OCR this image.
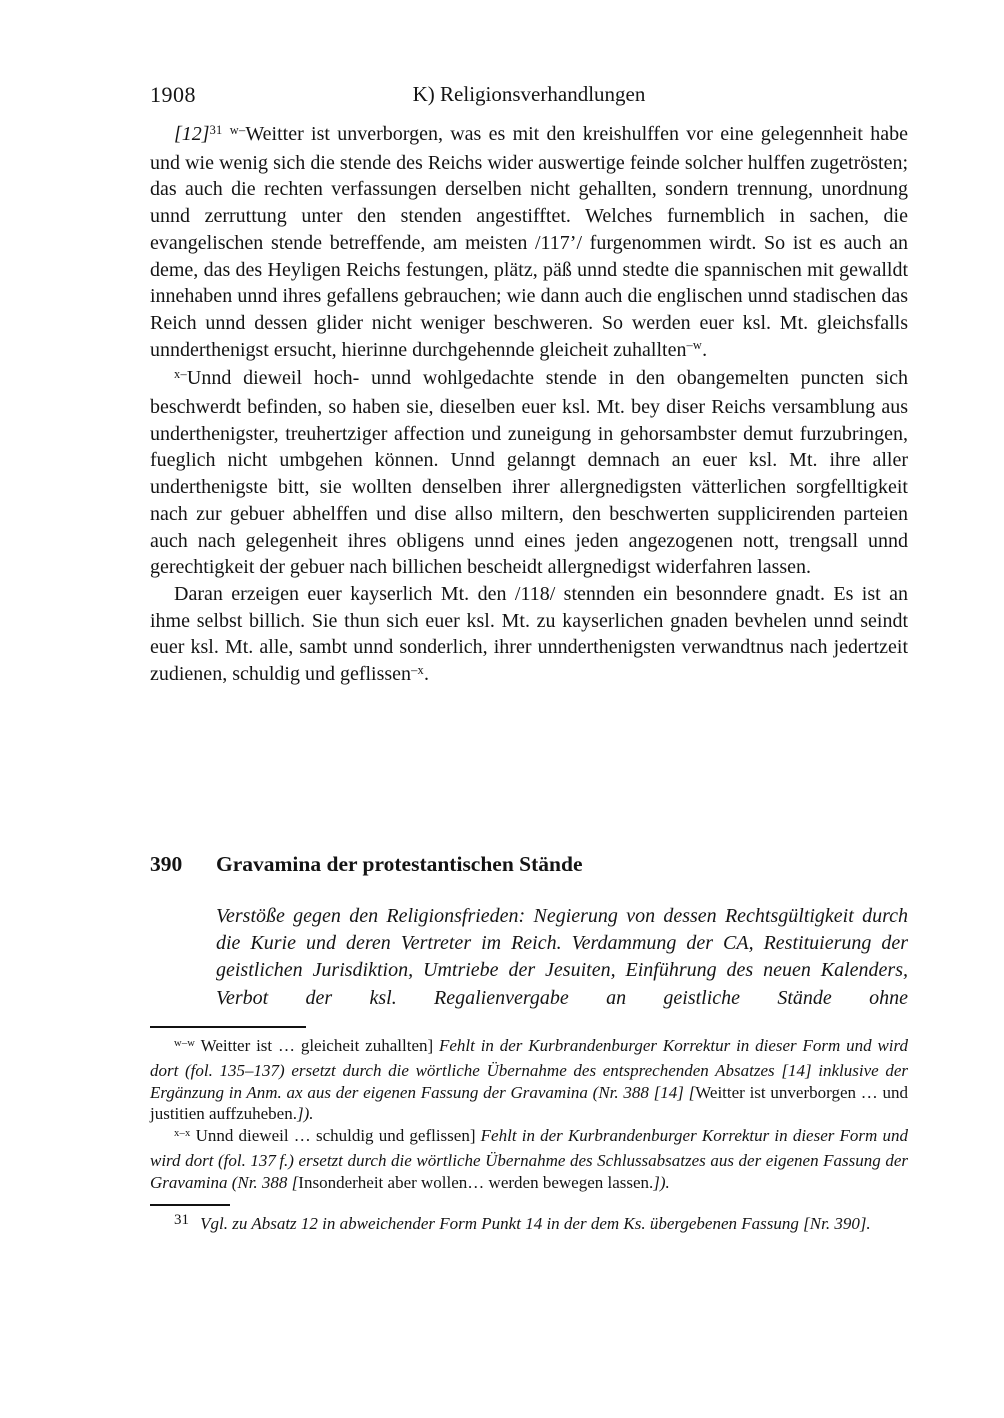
1908	K) Religionsverhandlungen

$[12]^{31}$ $^{w-}$Weitter ist unverborgen, was es mit den kreishulffen vor eine gelegennheit habe und wie wenig sich die stende des Reichs wider auswertige feinde solcher hulffen zugetrösten; das auch die rechten verfassungen derselben nicht gehallten, sondern trennung, unordnung unnd zerruttung unter den stenden angestifftet. Welches furnemblich in sachen, die evangelischen stende betreffende, am meisten /117’/ furgenommen wirdt. So ist es auch an deme, das des Heyligen Reichs festungen, plätz, päß unnd stedte die spannischen mit gewalldt innehaben unnd ihres gefallens gebrauchen; wie dann auch die englischen unnd stadischen das Reich unnd dessen glider nicht weniger beschweren. So werden euer ksl. Mt. gleichsfalls unnderthenigst ersucht, hierinne durchgehennde gleicheit zuhallten$^{-w}$.

$^{x-}$Unnd dieweil hoch- unnd wohlgedachte stende in den obangemelten puncten sich beschwerdt befinden, so haben sie, dieselben euer ksl. Mt. bey diser Reichs versamblung aus underthenigster, treuhertziger affection und zuneigung in gehorsambster demut furzubringen, fueglich nicht umbgehen können. Unnd gelanngt demnach an euer ksl. Mt. ihre aller underthenigste bitt, sie wollten denselben ihrer allergnedigsten vätterlichen sorgfelltigkeit nach zur gebuer abhelffen und dise allso miltern, den beschwerten supplicirenden parteien auch nach gelegenheit ihres obligens unnd eines jeden angezogenen nott, trengsall unnd gerechtigkeit der gebuer nach billichen bescheidt allergnedigst widerfahren lassen.

Daran erzeigen euer kayserlich Mt. den /118/ stennden ein besonndere gnadt. Es ist an ihme selbst billich. Sie thun sich euer ksl. Mt. zu kayserlichen gnaden bevhelen unnd seindt euer ksl. Mt. alle, sambt unnd sonderlich, ihrer unnderthenigsten verwandtnus nach jedertzeit zudienen, schuldig und geflissen$^{-x}$.

390	Gravamina der protestantischen Stände

Verstöße gegen den Religionsfrieden: Negierung von dessen Rechtsgültigkeit durch die Kurie und deren Vertreter im Reich. Verdammung der CA, Restituierung der geistlichen Jurisdiktion, Umtriebe der Jesuiten, Einführung des neuen Kalenders, Verbot der ksl. Regalienvergabe an geistliche Stände ohne

$^{w-w}$ Weitter ist … gleicheit zuhallten] Fehlt in der Kurbrandenburger Korrektur in dieser Form und wird dort (fol. 135–137) ersetzt durch die wörtliche Übernahme des entsprechenden Absatzes [14] inklusive der Ergänzung in Anm. ax aus der eigenen Fassung der Gravamina (Nr. 388 [14] [Weitter ist unverborgen … und justitien auffzuheben.]).

$^{x-x}$ Unnd dieweil … schuldig und geflissen] Fehlt in der Kurbrandenburger Korrektur in dieser Form und wird dort (fol. 137 f.) ersetzt durch die wörtliche Übernahme des Schlussabsatzes aus der eigenen Fassung der Gravamina (Nr. 388 [Insonderheit aber wollen… werden bewegen lassen.]).

31 Vgl. zu Absatz 12 in abweichender Form Punkt 14 in der dem Ks. übergebenen Fassung [Nr. 390].
